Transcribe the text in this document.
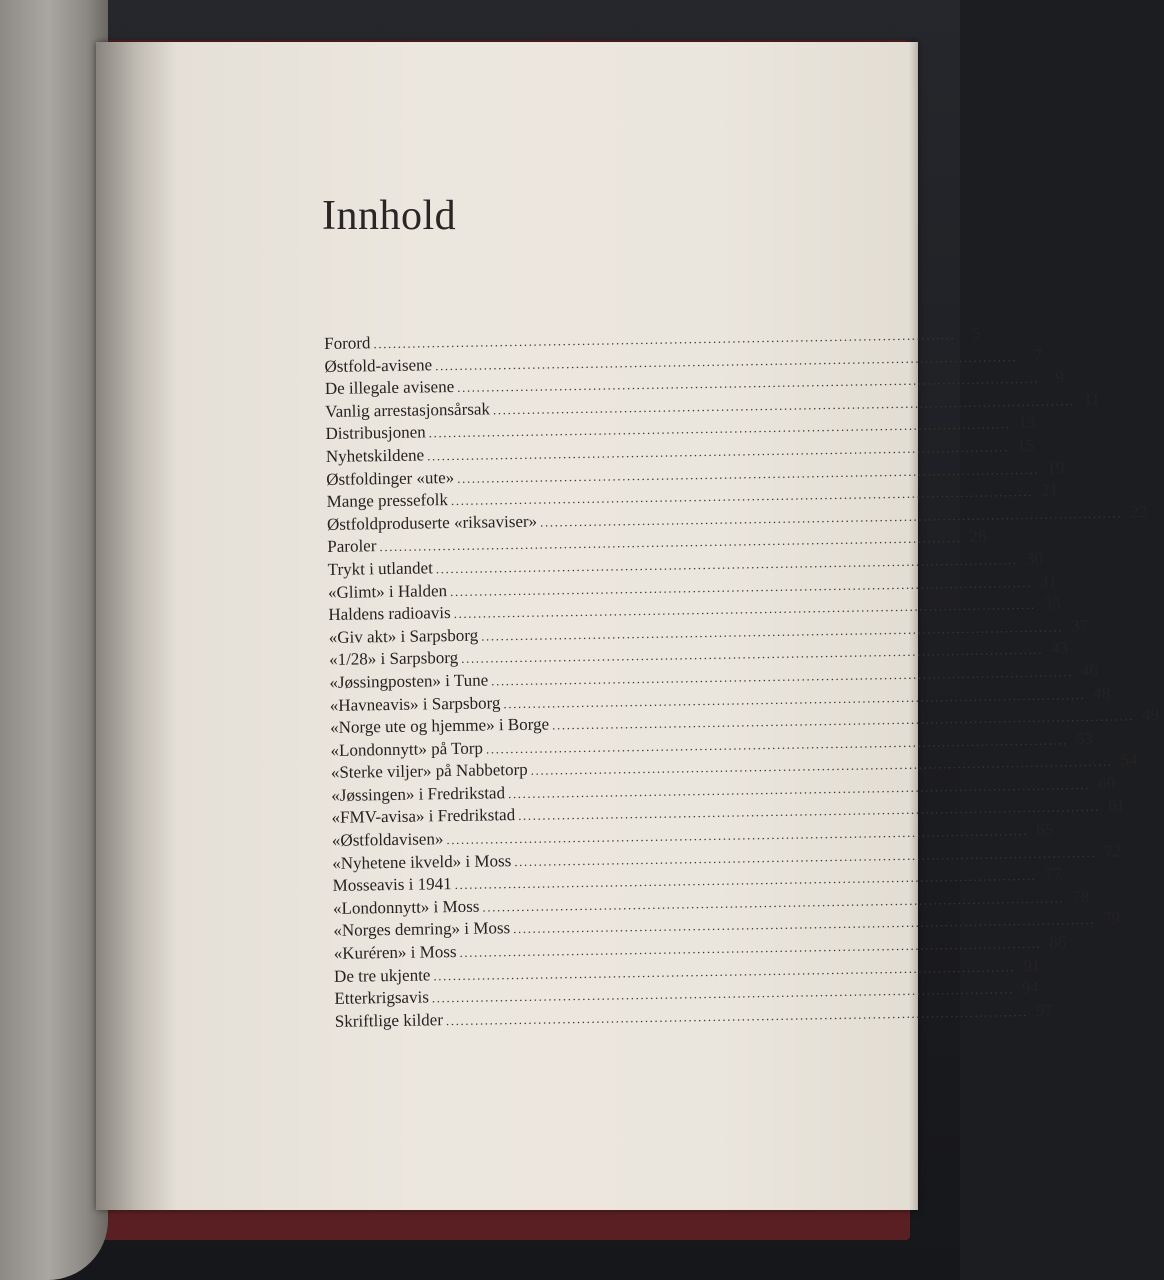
Innhold
Forord ........................................................................................................................ 5
Østfold-avisene ........................................................................................................................ 7
De illegale avisene ........................................................................................................................ 9
Vanlig arrestasjonsårsak ........................................................................................................................ 11
Distribusjonen ........................................................................................................................ 13
Nyhetskildene ........................................................................................................................ 15
Østfoldinger «ute» ........................................................................................................................ 19
Mange pressefolk ........................................................................................................................ 21
Østfoldproduserte «riksaviser» ........................................................................................................................ 22
Paroler ........................................................................................................................ 28
Trykt i utlandet ........................................................................................................................ 30
«Glimt» i Halden ........................................................................................................................ 31
Haldens radioavis ........................................................................................................................ 35
«Giv akt» i Sarpsborg ........................................................................................................................ 37
«1/28» i Sarpsborg ........................................................................................................................ 43
«Jøssingposten» i Tune ........................................................................................................................ 46
«Havneavis» i Sarpsborg ........................................................................................................................ 48
«Norge ute og hjemme» i Borge ........................................................................................................................ 49
«Londonnytt» på Torp ........................................................................................................................ 53
«Sterke viljer» på Nabbetorp ........................................................................................................................ 54
«Jøssingen» i Fredrikstad ........................................................................................................................ 60
«FMV-avisa» i Fredrikstad ........................................................................................................................ 61
«Østfoldavisen» ........................................................................................................................ 65
«Nyhetene ikveld» i Moss ........................................................................................................................ 72
Mosseavis i 1941 ........................................................................................................................ 77
«Londonnytt» i Moss ........................................................................................................................ 78
«Norges demring» i Moss ........................................................................................................................ 79
«Kuréren» i Moss ........................................................................................................................ 86
De tre ukjente ........................................................................................................................ 91
Etterkrigsavis ........................................................................................................................ 94
Skriftlige kilder ........................................................................................................................ 97
